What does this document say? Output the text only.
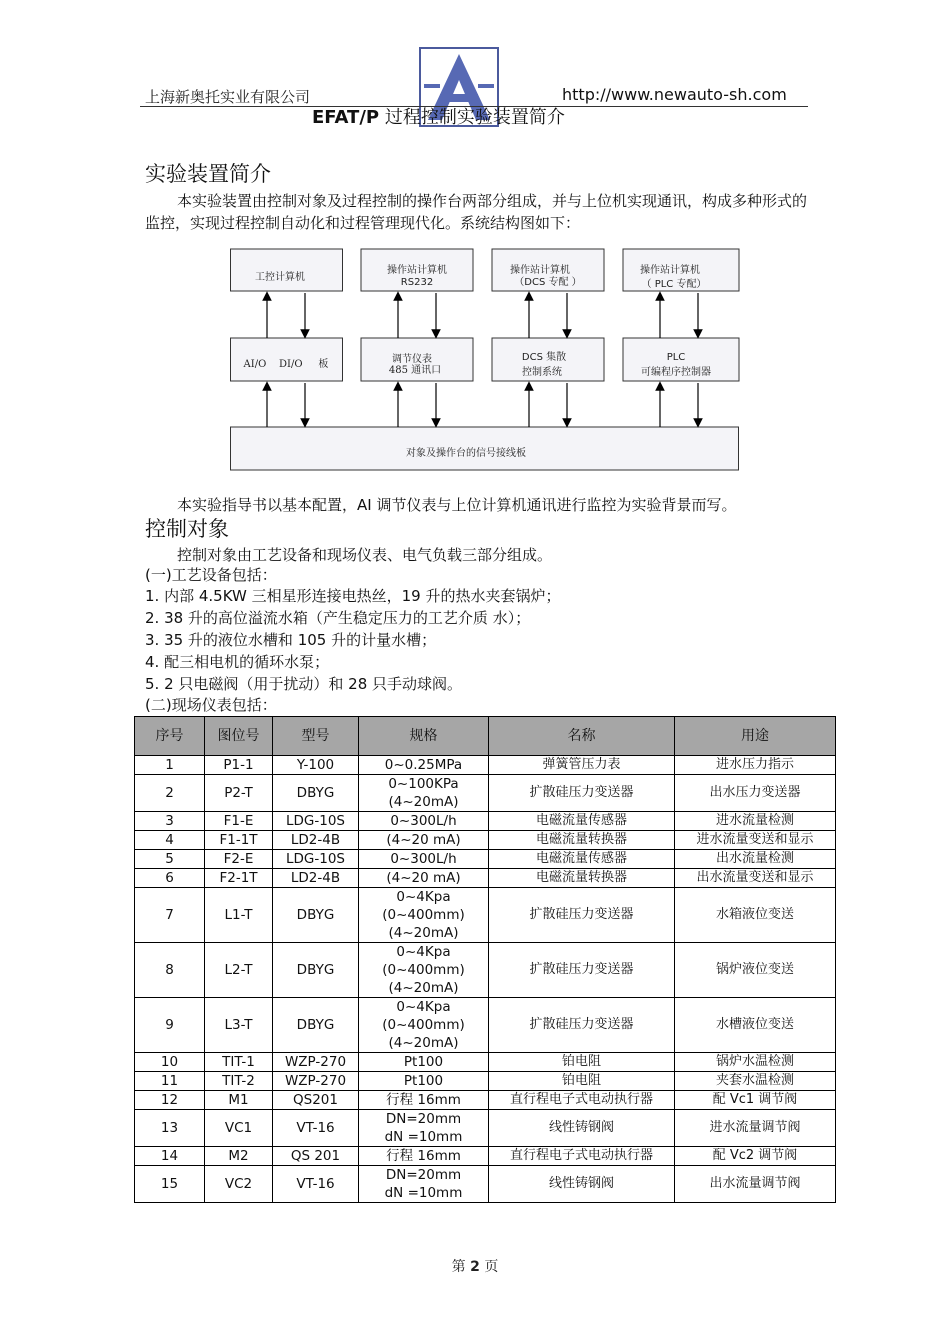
上海新奥托实业有限公司	http://www.newauto-sh.com
EFAT/P 过程控制实验装置简介
实验装置简介
本实验装置由控制对象及过程控制的操作台两部分组成，并与上位机实现通讯，构成多种形式的监控，实现过程控制自动化和过程管理现代化。系统结构图如下：
工控计算机
操作站计算机
RS232
操作站计算机
（DCS 专配 ）
操作站计算机
（ PLC 专配）
AI/O    DI/O     板	调节仪表
485 通讯口
DCS 集散
控制系统
PLC
可编程序控制器
对象及操作台的信号接线板
本实验指导书以基本配置，AI 调节仪表与上位计算机通讯进行监控为实验背景而写。
控制对象
控制对象由工艺设备和现场仪表、电气负载三部分组成。
(一)工艺设备包括：
1. 内部 4.5KW 三相星形连接电热丝，19 升的热水夹套锅炉；
2. 38 升的高位溢流水箱（产生稳定压力的工艺介质 水）；
3. 35 升的液位水槽和 105 升的计量水槽；
4. 配三相电机的循环水泵；
5. 2 只电磁阀（用于扰动）和 28 只手动球阀。
(二)现场仪表包括：
序号	图位号	型号	规格	名称	用途
1	P1-1	Y-100	0~0.25MPa	弹簧管压力表	进水压力指示
2	P2-T	DBYG	0~100KPa
(4~20mA)	扩散硅压力变送器	出水压力变送器
3	F1-E	LDG-10S	0~300L/h	电磁流量传感器	进水流量检测
4	F1-1T	LD2-4B	(4~20 mA)	电磁流量转换器	进水流量变送和显示
5	F2-E	LDG-10S	0~300L/h	电磁流量传感器	出水流量检测
6	F2-1T	LD2-4B	(4~20 mA)	电磁流量转换器	出水流量变送和显示
7	L1-T	DBYG	0~4Kpa
(0~400mm)
(4~20mA)	扩散硅压力变送器	水箱液位变送
8	L2-T	DBYG	0~4Kpa
(0~400mm)
(4~20mA)	扩散硅压力变送器	锅炉液位变送
9	L3-T	DBYG	0~4Kpa
(0~400mm)
(4~20mA)	扩散硅压力变送器	水槽液位变送
10	TIT-1	WZP-270	Pt100	铂电阻	锅炉水温检测
11	TIT-2	WZP-270	Pt100	铂电阻	夹套水温检测
12	M1	QS201	行程 16mm	直行程电子式电动执行器	配 Vc1 调节阀
13	VC1	VT-16	DN=20mm
dN =10mm	线性铸钢阀	进水流量调节阀
14	M2	QS 201	行程 16mm	直行程电子式电动执行器	配 Vc2 调节阀
15	VC2	VT-16	DN=20mm
dN =10mm	线性铸钢阀	出水流量调节阀
第 2 页
